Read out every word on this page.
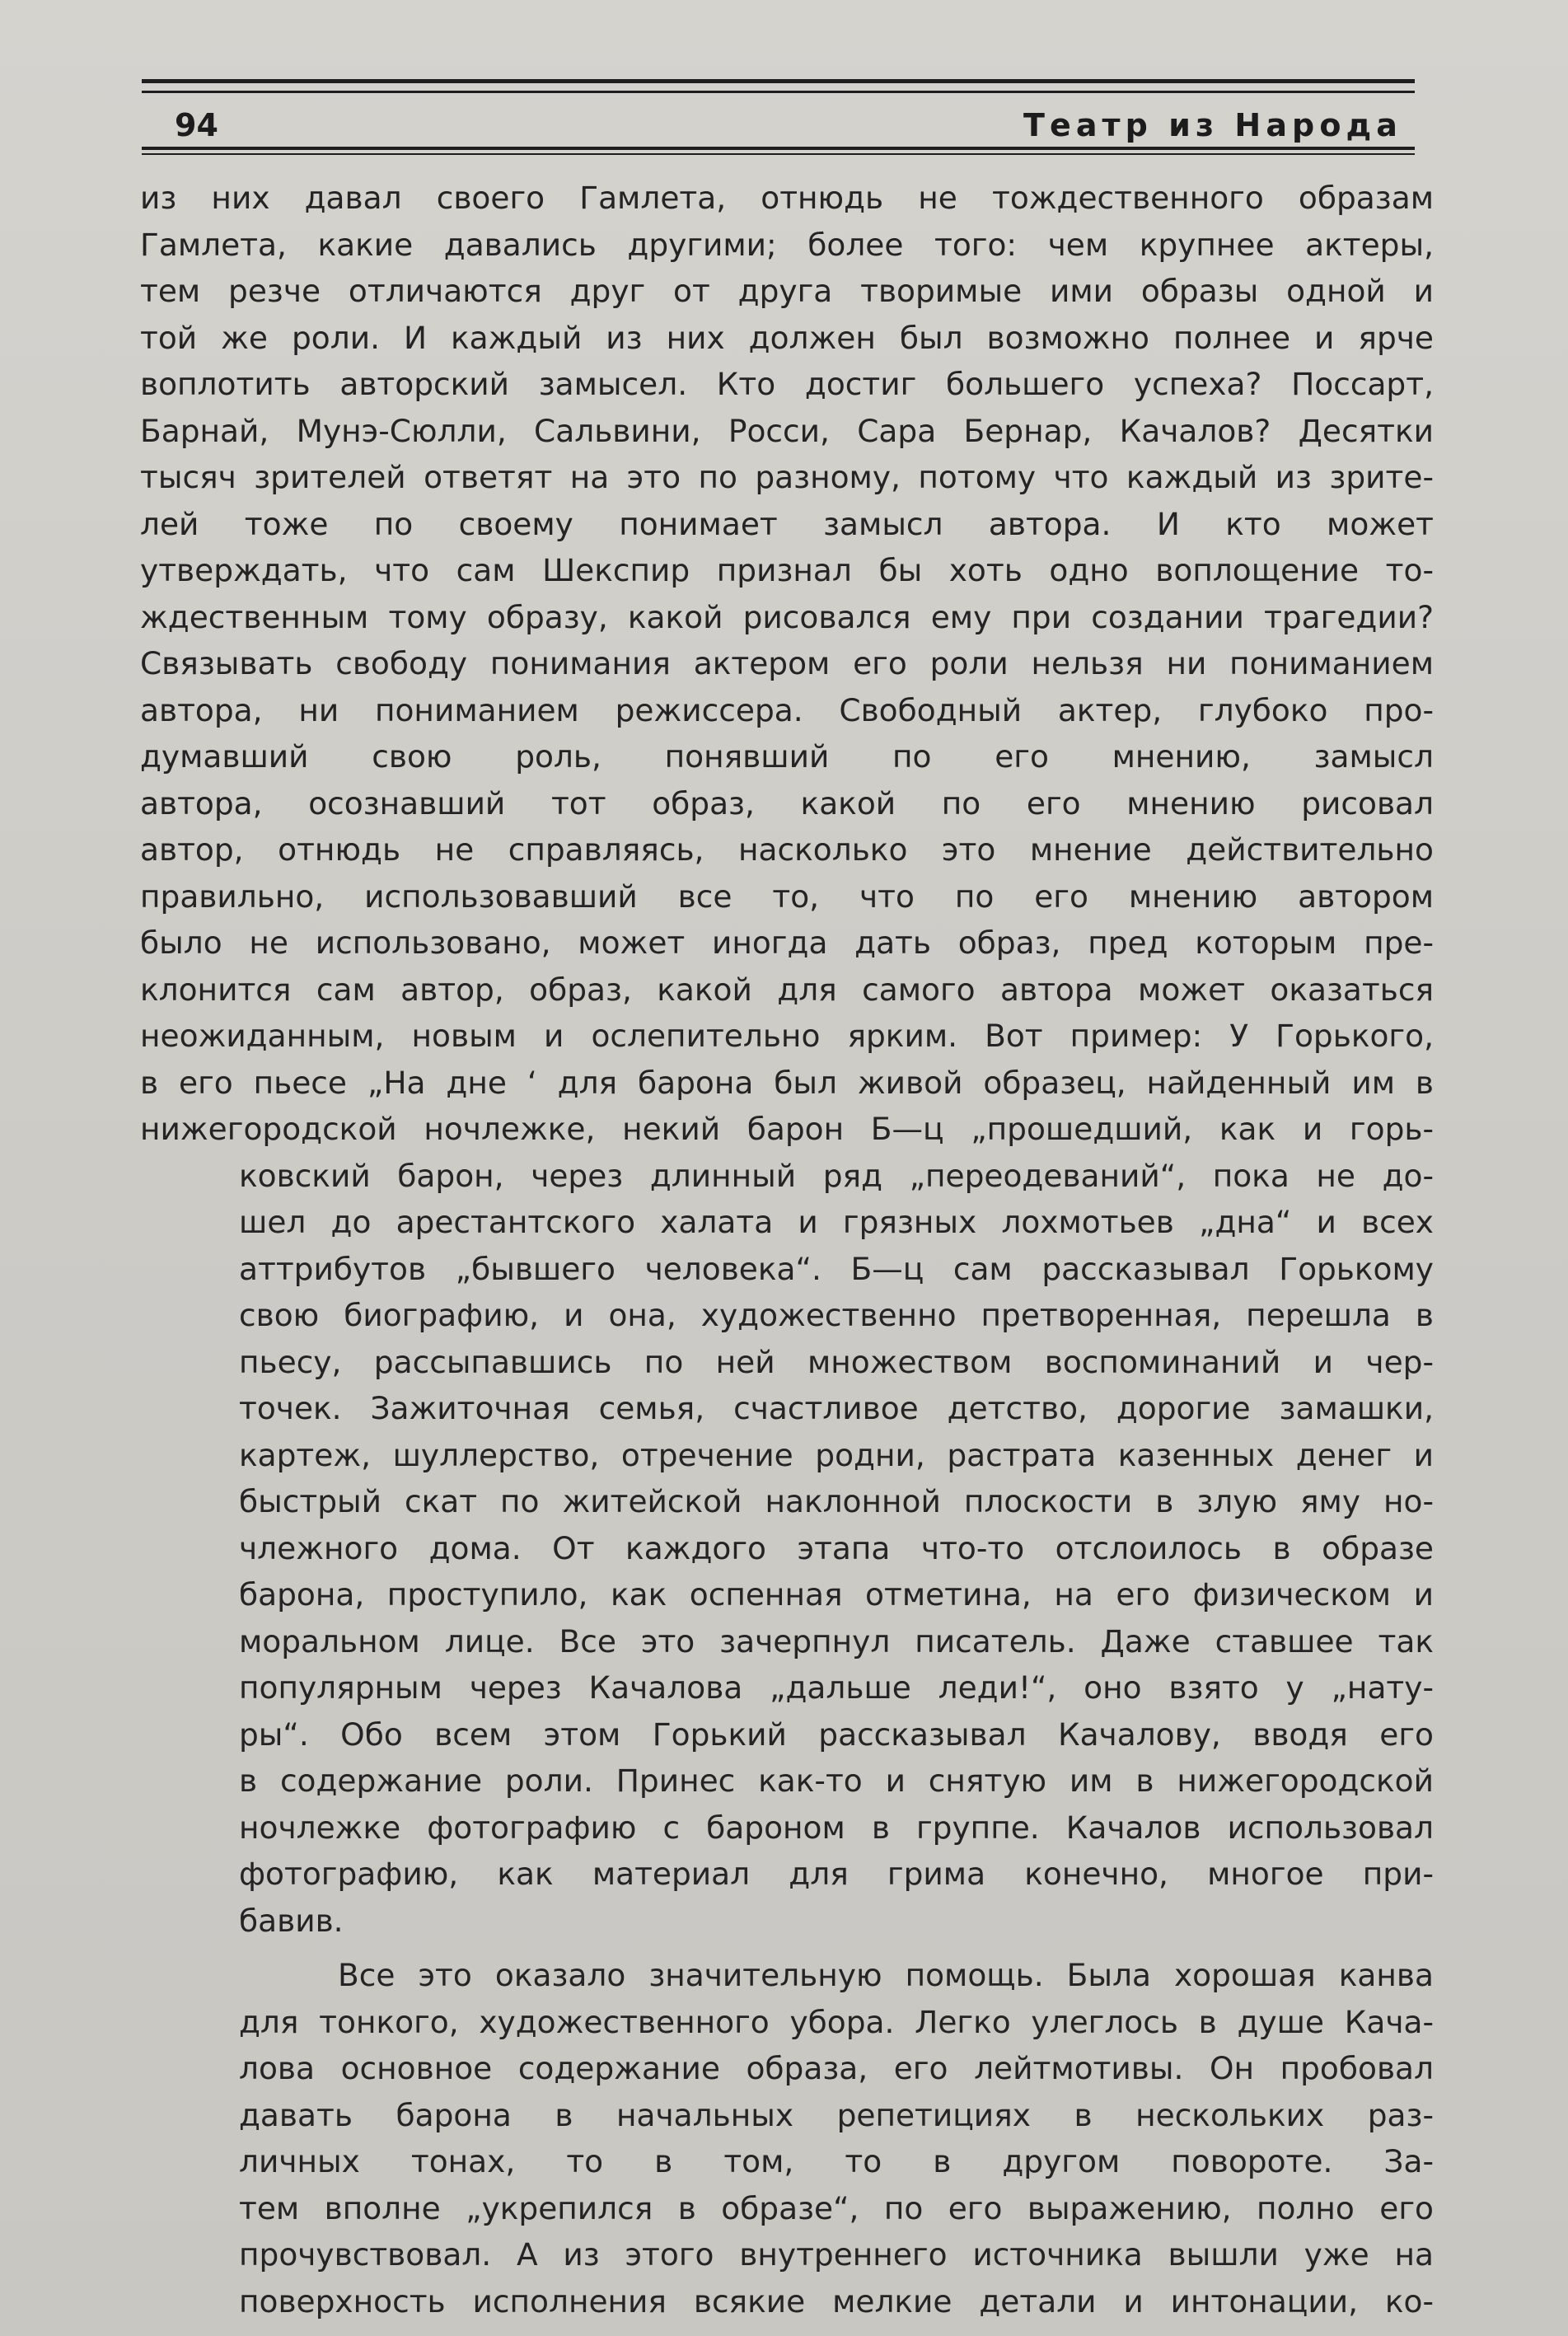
94	Театр из Народа
из них давал своего Гамлета, отнюдь не тождественного образам
Гамлета, какие давались другими; более того: чем крупнее актеры,
тем резче отличаются друг от друга творимые ими образы одной и
той же роли. И каждый из них должен был возможно полнее и ярче
воплотить авторский замысел. Кто достиг большего успеха? Поссарт,
Барнай, Мунэ-Сюлли, Сальвини, Росси, Сара Бернар, Качалов? Десятки
тысяч зрителей ответят на это по разному, потому что каждый из зрите-
лей тоже по своему понимает замысл автора. И кто может
утверждать, что сам Шекспир признал бы хоть одно воплощение то-
ждественным тому образу, какой рисовался ему при создании трагедии?
Связывать свободу понимания актером его роли нельзя ни пониманием
автора, ни пониманием режиссера. Свободный актер, глубоко про-
думавший свою роль, понявший по его мнению, замысл
автора, осознавший тот образ, какой по его мнению рисовал
автор, отнюдь не справляясь, насколько это мнение действительно
правильно, использовавший все то, что по его мнению автором
было не использовано, может иногда дать образ, пред которым пре-
клонится сам автор, образ, какой для самого автора может оказаться
неожиданным, новым и ослепительно ярким. Вот пример: У Горького,
в его пьесе „На дне ‘ для барона был живой образец, найденный им в
нижегородской ночлежке, некий барон Б—ц „прошедший, как и горь-
ковский барон, через длинный ряд „переодеваний“, пока не до-
шел до арестантского халата и грязных лохмотьев „дна“ и всех
аттрибутов „бывшего человека“. Б—ц сам рассказывал Горькому
свою биографию, и она, художественно претворенная, перешла в
пьесу, рассыпавшись по ней множеством воспоминаний и чер-
точек. Зажиточная семья, счастливое детство, дорогие замашки,
картеж, шуллерство, отречение родни, растрата казенных денег и
быстрый скат по житейской наклонной плоскости в злую яму но-
члежного дома. От каждого этапа что-то отслоилось в образе
барона, проступило, как оспенная отметина, на его физическом и
моральном лице. Все это зачерпнул писатель. Даже ставшее так
популярным через Качалова „дальше леди!“, оно взято у „нату-
ры“. Обо всем этом Горький рассказывал Качалову, вводя его
в содержание роли. Принес как-то и снятую им в нижегородской
ночлежке фотографию с бароном в группе. Качалов использовал
фотографию, как материал для грима конечно, многое при-
бавив.
Все это оказало значительную помощь. Была хорошая канва
для тонкого, художественного убора. Легко улеглось в душе Кача-
лова основное содержание образа, его лейтмотивы. Он пробовал
давать барона в начальных репетициях в нескольких раз-
личных тонах, то в том, то в другом повороте. За-
тем вполне „укрепился в образе“, по его выражению, полно его
прочувствовал. А из этого внутреннего источника вышли уже на
поверхность исполнения всякие мелкие детали и интонации, ко-
